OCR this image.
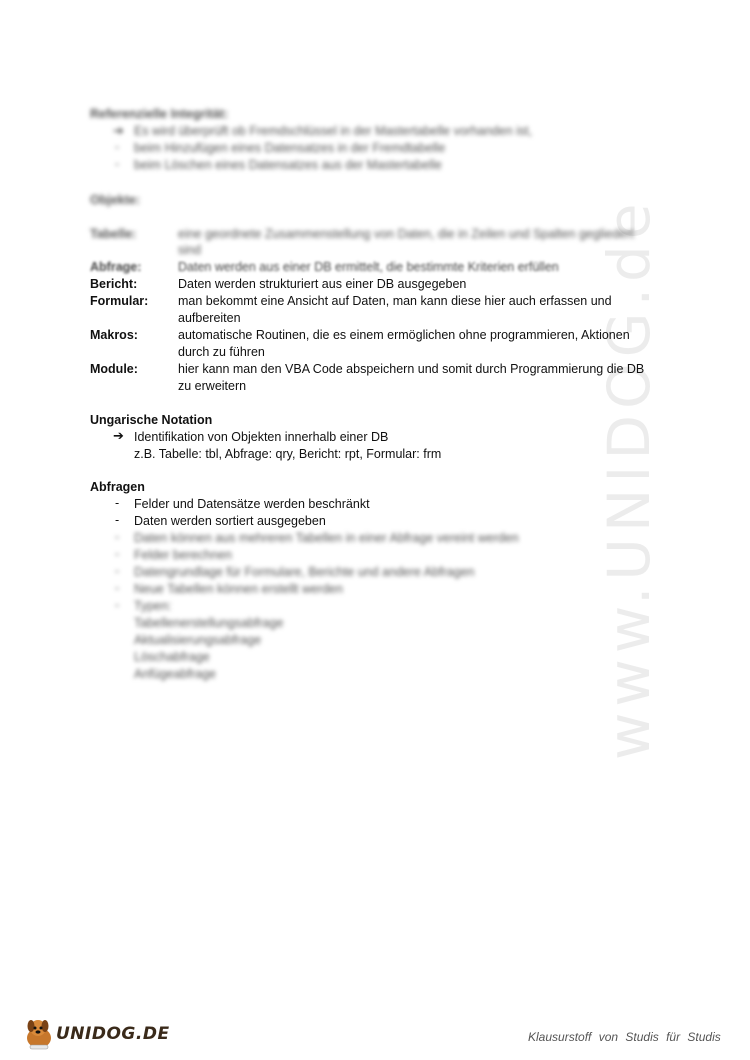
www.UNIDOG.de
Referenzielle Integrität:
➔ Es wird überprüft ob Fremdschlüssel in der Mastertabelle vorhanden ist,
- beim Hinzufügen eines Datensatzes in der Fremdtabelle
- beim Löschen eines Datensatzes aus der Mastertabelle
Objekte:
Tabelle:	eine geordnete Zusammenstellung von Daten, die in Zeilen und Spalten gegliedert
sind
Abfrage:	Daten werden aus einer DB ermittelt, die bestimmte Kriterien erfüllen
Bericht:	Daten werden strukturiert aus einer DB ausgegeben
Formular: man bekommt eine Ansicht auf Daten, man kann diese hier auch erfassen und
aufbereiten
Makros:	automatische Routinen, die es einem ermöglichen ohne programmieren, Aktionen
durch zu führen
Module:	hier kann man den VBA Code abspeichern und somit durch Programmierung die DB
zu erweitern
Ungarische Notation
➔ Identifikation von Objekten innerhalb einer DB
z.B. Tabelle: tbl, Abfrage: qry, Bericht: rpt, Formular: frm
Abfragen
- Felder und Datensätze werden beschränkt
- Daten werden sortiert ausgegeben
- Daten können aus mehreren Tabellen in einer Abfrage vereint werden
- Felder berechnen
- Datengrundlage für Formulare, Berichte und andere Abfragen
- Neue Tabellen können erstellt werden
- Typen:
Tabellenerstellungsabfrage
Aktualisierungsabfrage
Löschabfrage
Anfügeabfrage
UNIDOG.DE	Klausurstoff von Studis für Studis
